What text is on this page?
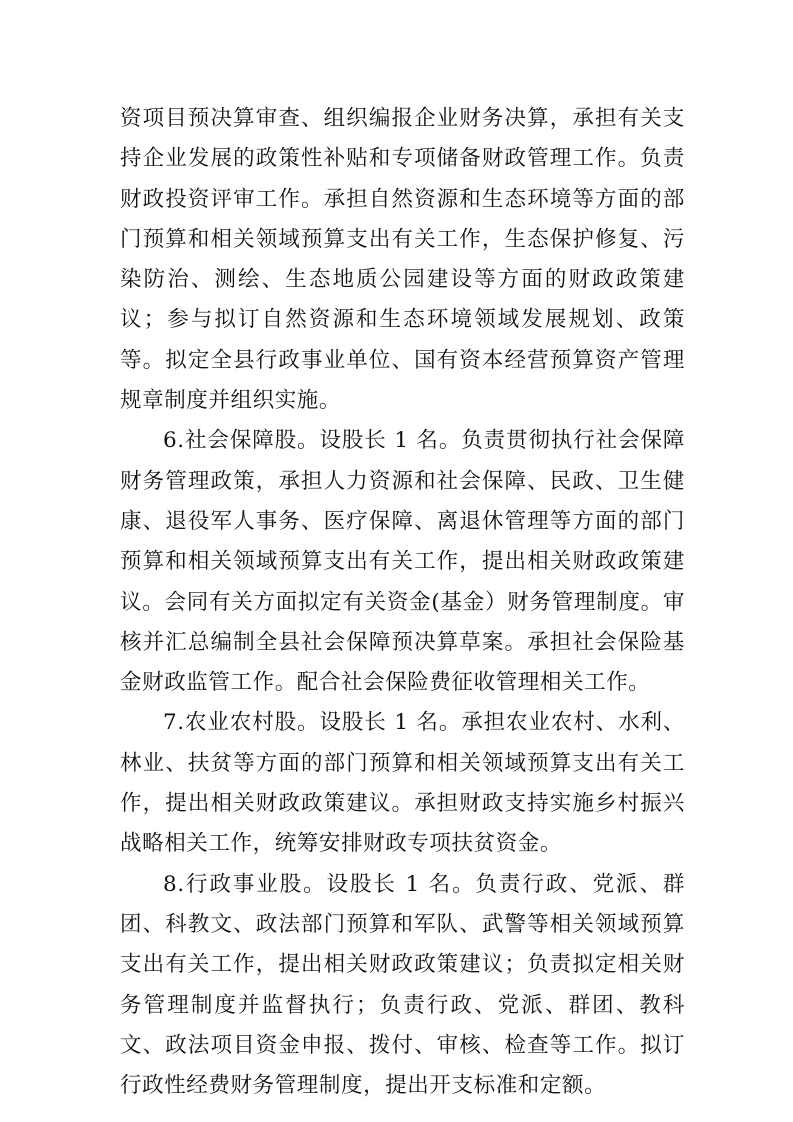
资项目预决算审查、组织编报企业财务决算，承担有关支持企业发展的政策性补贴和专项储备财政管理工作。负责财政投资评审工作。承担自然资源和生态环境等方面的部门预算和相关领域预算支出有关工作，生态保护修复、污染防治、测绘、生态地质公园建设等方面的财政政策建议；参与拟订自然资源和生态环境领域发展规划、政策等。拟定全县行政事业单位、国有资本经营预算资产管理规章制度并组织实施。

6.社会保障股。设股长 1 名。负责贯彻执行社会保障财务管理政策，承担人力资源和社会保障、民政、卫生健康、退役军人事务、医疗保障、离退休管理等方面的部门预算和相关领域预算支出有关工作，提出相关财政政策建议。会同有关方面拟定有关资金(基金）财务管理制度。审核并汇总编制全县社会保障预决算草案。承担社会保险基金财政监管工作。配合社会保险费征收管理相关工作。

7.农业农村股。设股长 1 名。承担农业农村、水利、林业、扶贫等方面的部门预算和相关领域预算支出有关工作，提出相关财政政策建议。承担财政支持实施乡村振兴战略相关工作，统筹安排财政专项扶贫资金。

8.行政事业股。设股长 1 名。负责行政、党派、群团、科教文、政法部门预算和军队、武警等相关领域预算支出有关工作，提出相关财政政策建议；负责拟定相关财务管理制度并监督执行；负责行政、党派、群团、教科文、政法项目资金申报、拨付、审核、检查等工作。拟订行政性经费财务管理制度，提出开支标准和定额。
